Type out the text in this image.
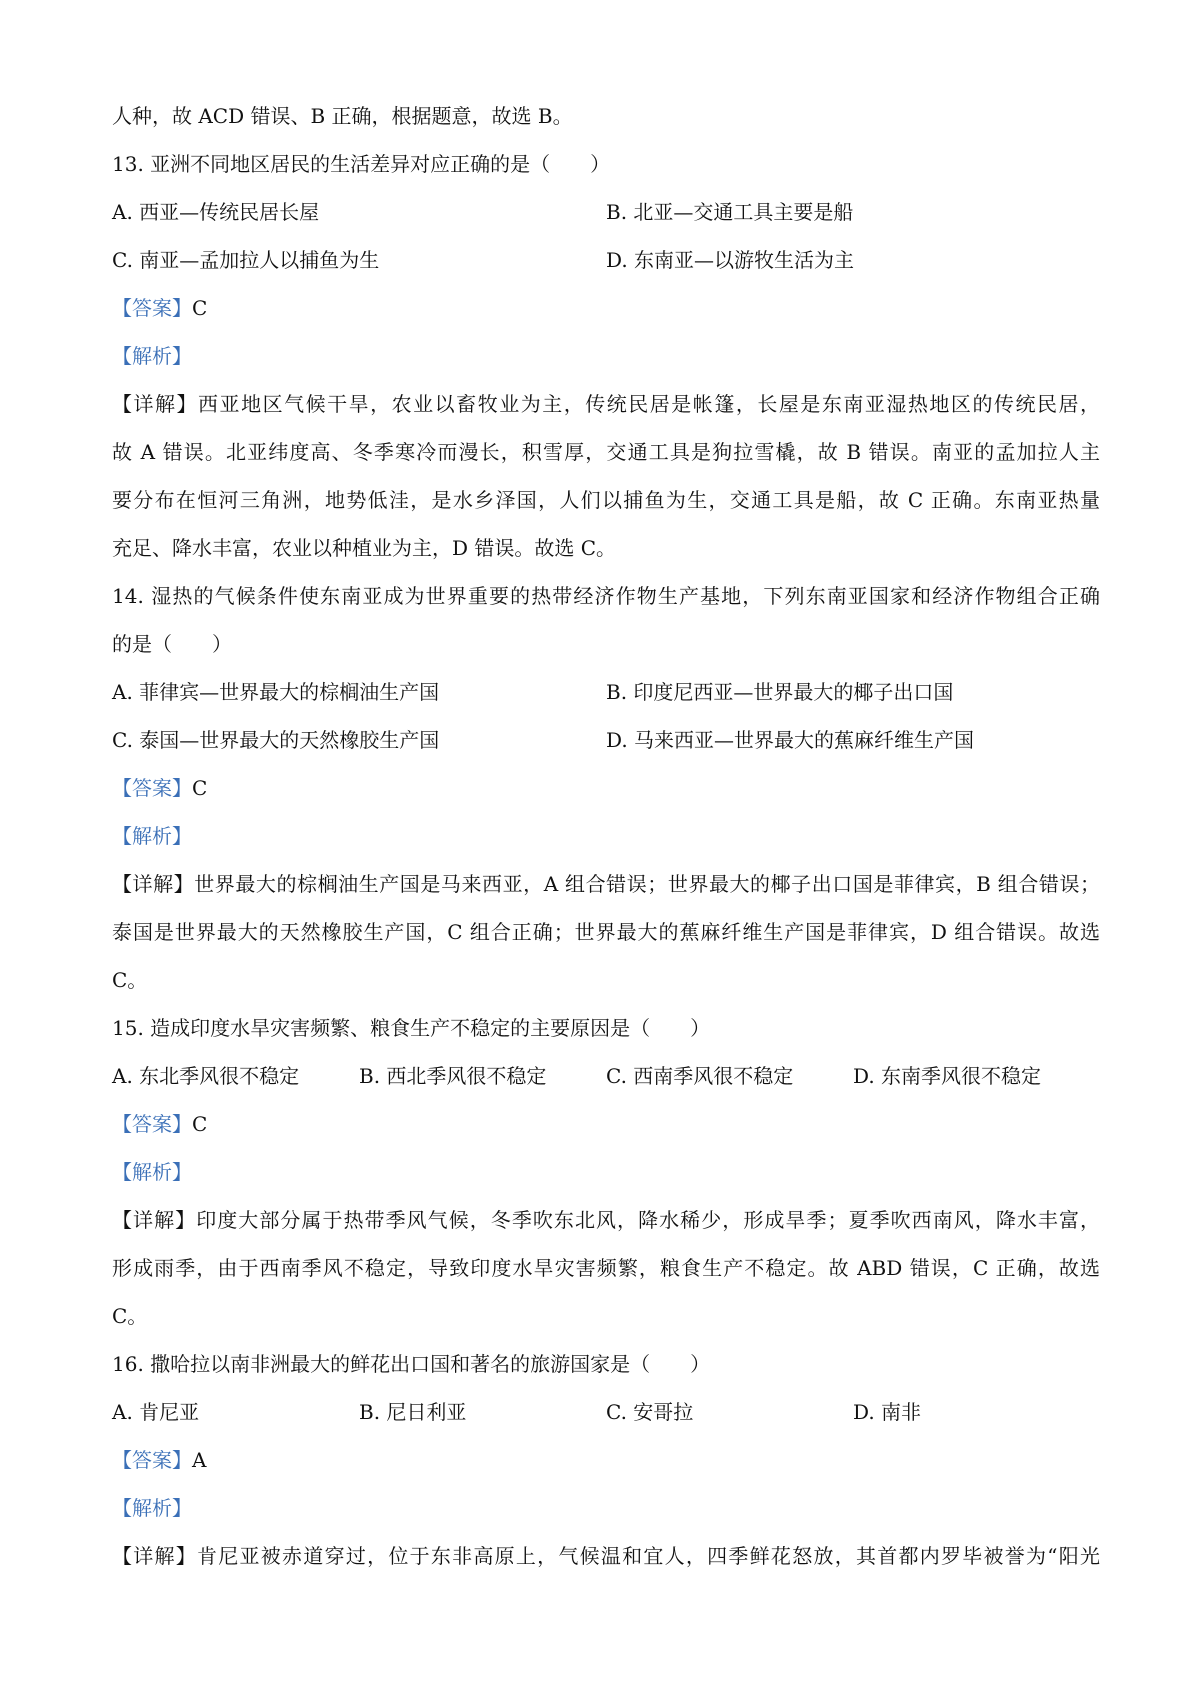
人种，故 ACD 错误、B 正确，根据题意，故选 B。
13. 亚洲不同地区居民的生活差异对应正确的是（　　）
A. 西亚—传统民居长屋	B. 北亚—交通工具主要是船
C. 南亚—孟加拉人以捕鱼为生	D. 东南亚—以游牧生活为主
【答案】C
【解析】
【详解】西亚地区气候干旱，农业以畜牧业为主，传统民居是帐篷，长屋是东南亚湿热地区的传统民居，
故 A 错误。北亚纬度高、冬季寒冷而漫长，积雪厚，交通工具是狗拉雪橇，故 B 错误。南亚的孟加拉人主
要分布在恒河三角洲，地势低洼，是水乡泽国，人们以捕鱼为生，交通工具是船，故 C 正确。东南亚热量
充足、降水丰富，农业以种植业为主，D 错误。故选 C。
14. 湿热的气候条件使东南亚成为世界重要的热带经济作物生产基地，下列东南亚国家和经济作物组合正确
的是（　　）
A. 菲律宾—世界最大的棕榈油生产国	B. 印度尼西亚—世界最大的椰子出口国
C. 泰国—世界最大的天然橡胶生产国	D. 马来西亚—世界最大的蕉麻纤维生产国
【答案】C
【解析】
【详解】世界最大的棕榈油生产国是马来西亚，A 组合错误；世界最大的椰子出口国是菲律宾，B 组合错误；
泰国是世界最大的天然橡胶生产国，C 组合正确；世界最大的蕉麻纤维生产国是菲律宾，D 组合错误。故选
C。
15. 造成印度水旱灾害频繁、粮食生产不稳定的主要原因是（　　）
A. 东北季风很不稳定	B. 西北季风很不稳定	C. 西南季风很不稳定	D. 东南季风很不稳定
【答案】C
【解析】
【详解】印度大部分属于热带季风气候，冬季吹东北风，降水稀少，形成旱季；夏季吹西南风，降水丰富，
形成雨季，由于西南季风不稳定，导致印度水旱灾害频繁，粮食生产不稳定。故 ABD 错误，C 正确，故选
C。
16. 撒哈拉以南非洲最大的鲜花出口国和著名的旅游国家是（　　）
A. 肯尼亚	B. 尼日利亚	C. 安哥拉	D. 南非
【答案】A
【解析】
【详解】肯尼亚被赤道穿过，位于东非高原上，气候温和宜人，四季鲜花怒放，其首都内罗毕被誉为“阳光
